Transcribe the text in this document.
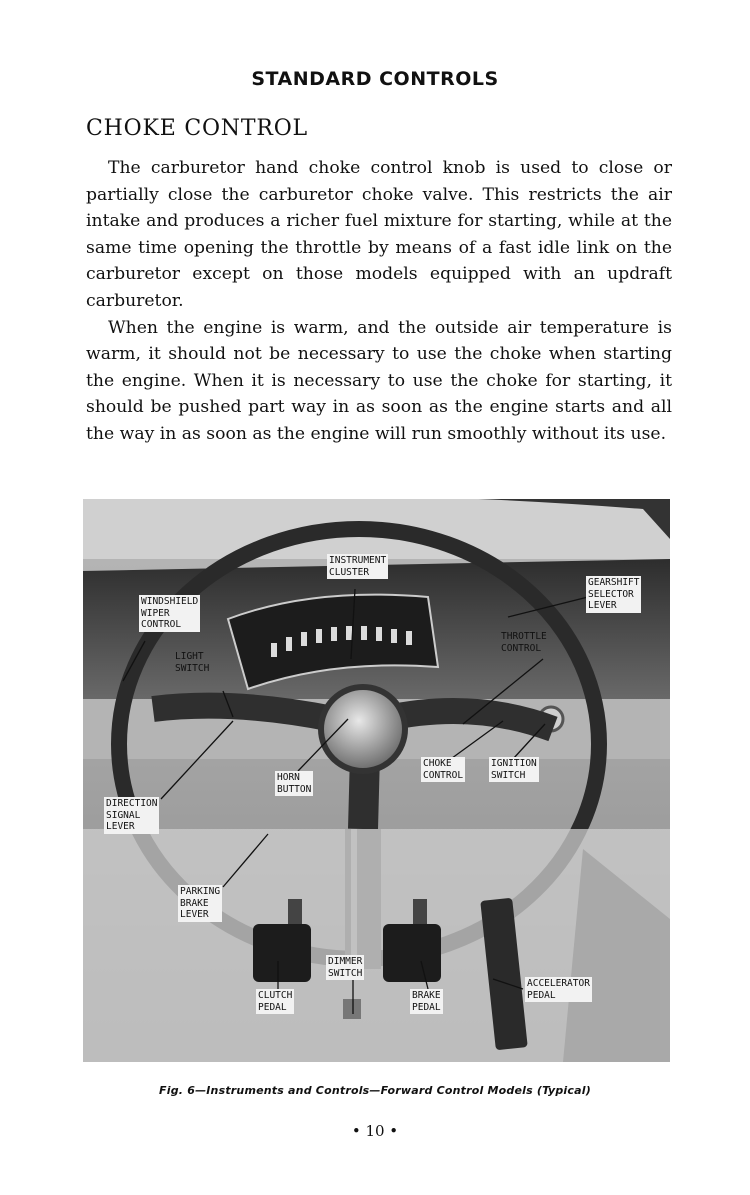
STANDARD CONTROLS
CHOKE CONTROL

The carburetor hand choke control knob is used to close or partially close the carburetor choke valve. This restricts the air intake and produces a richer fuel mixture for starting, while at the same time opening the throttle by means of a fast idle link on the carburetor except on those models equipped with an updraft carburetor.

When the engine is warm, and the outside air temperature is warm, it should not be necessary to use the choke when starting the engine. When it is necessary to use the choke for starting, it should be pushed part way in as soon as the engine starts and all the way in as soon as the engine will run smoothly without its use.

INSTRUMENT
CLUSTER
GEARSHIFT
SELECTOR
LEVER
WINDSHIELD
WIPER
CONTROL
THROTTLE
CONTROL
LIGHT
SWITCH
HORN
BUTTON
CHOKE
CONTROL
IGNITION
SWITCH
DIRECTION
SIGNAL
LEVER
PARKING
BRAKE
LEVER
DIMMER
SWITCH
CLUTCH
PEDAL
BRAKE
PEDAL
ACCELERATOR
PEDAL
Fig. 6—Instruments and Controls—Forward Control Models (Typical)
• 10 •
